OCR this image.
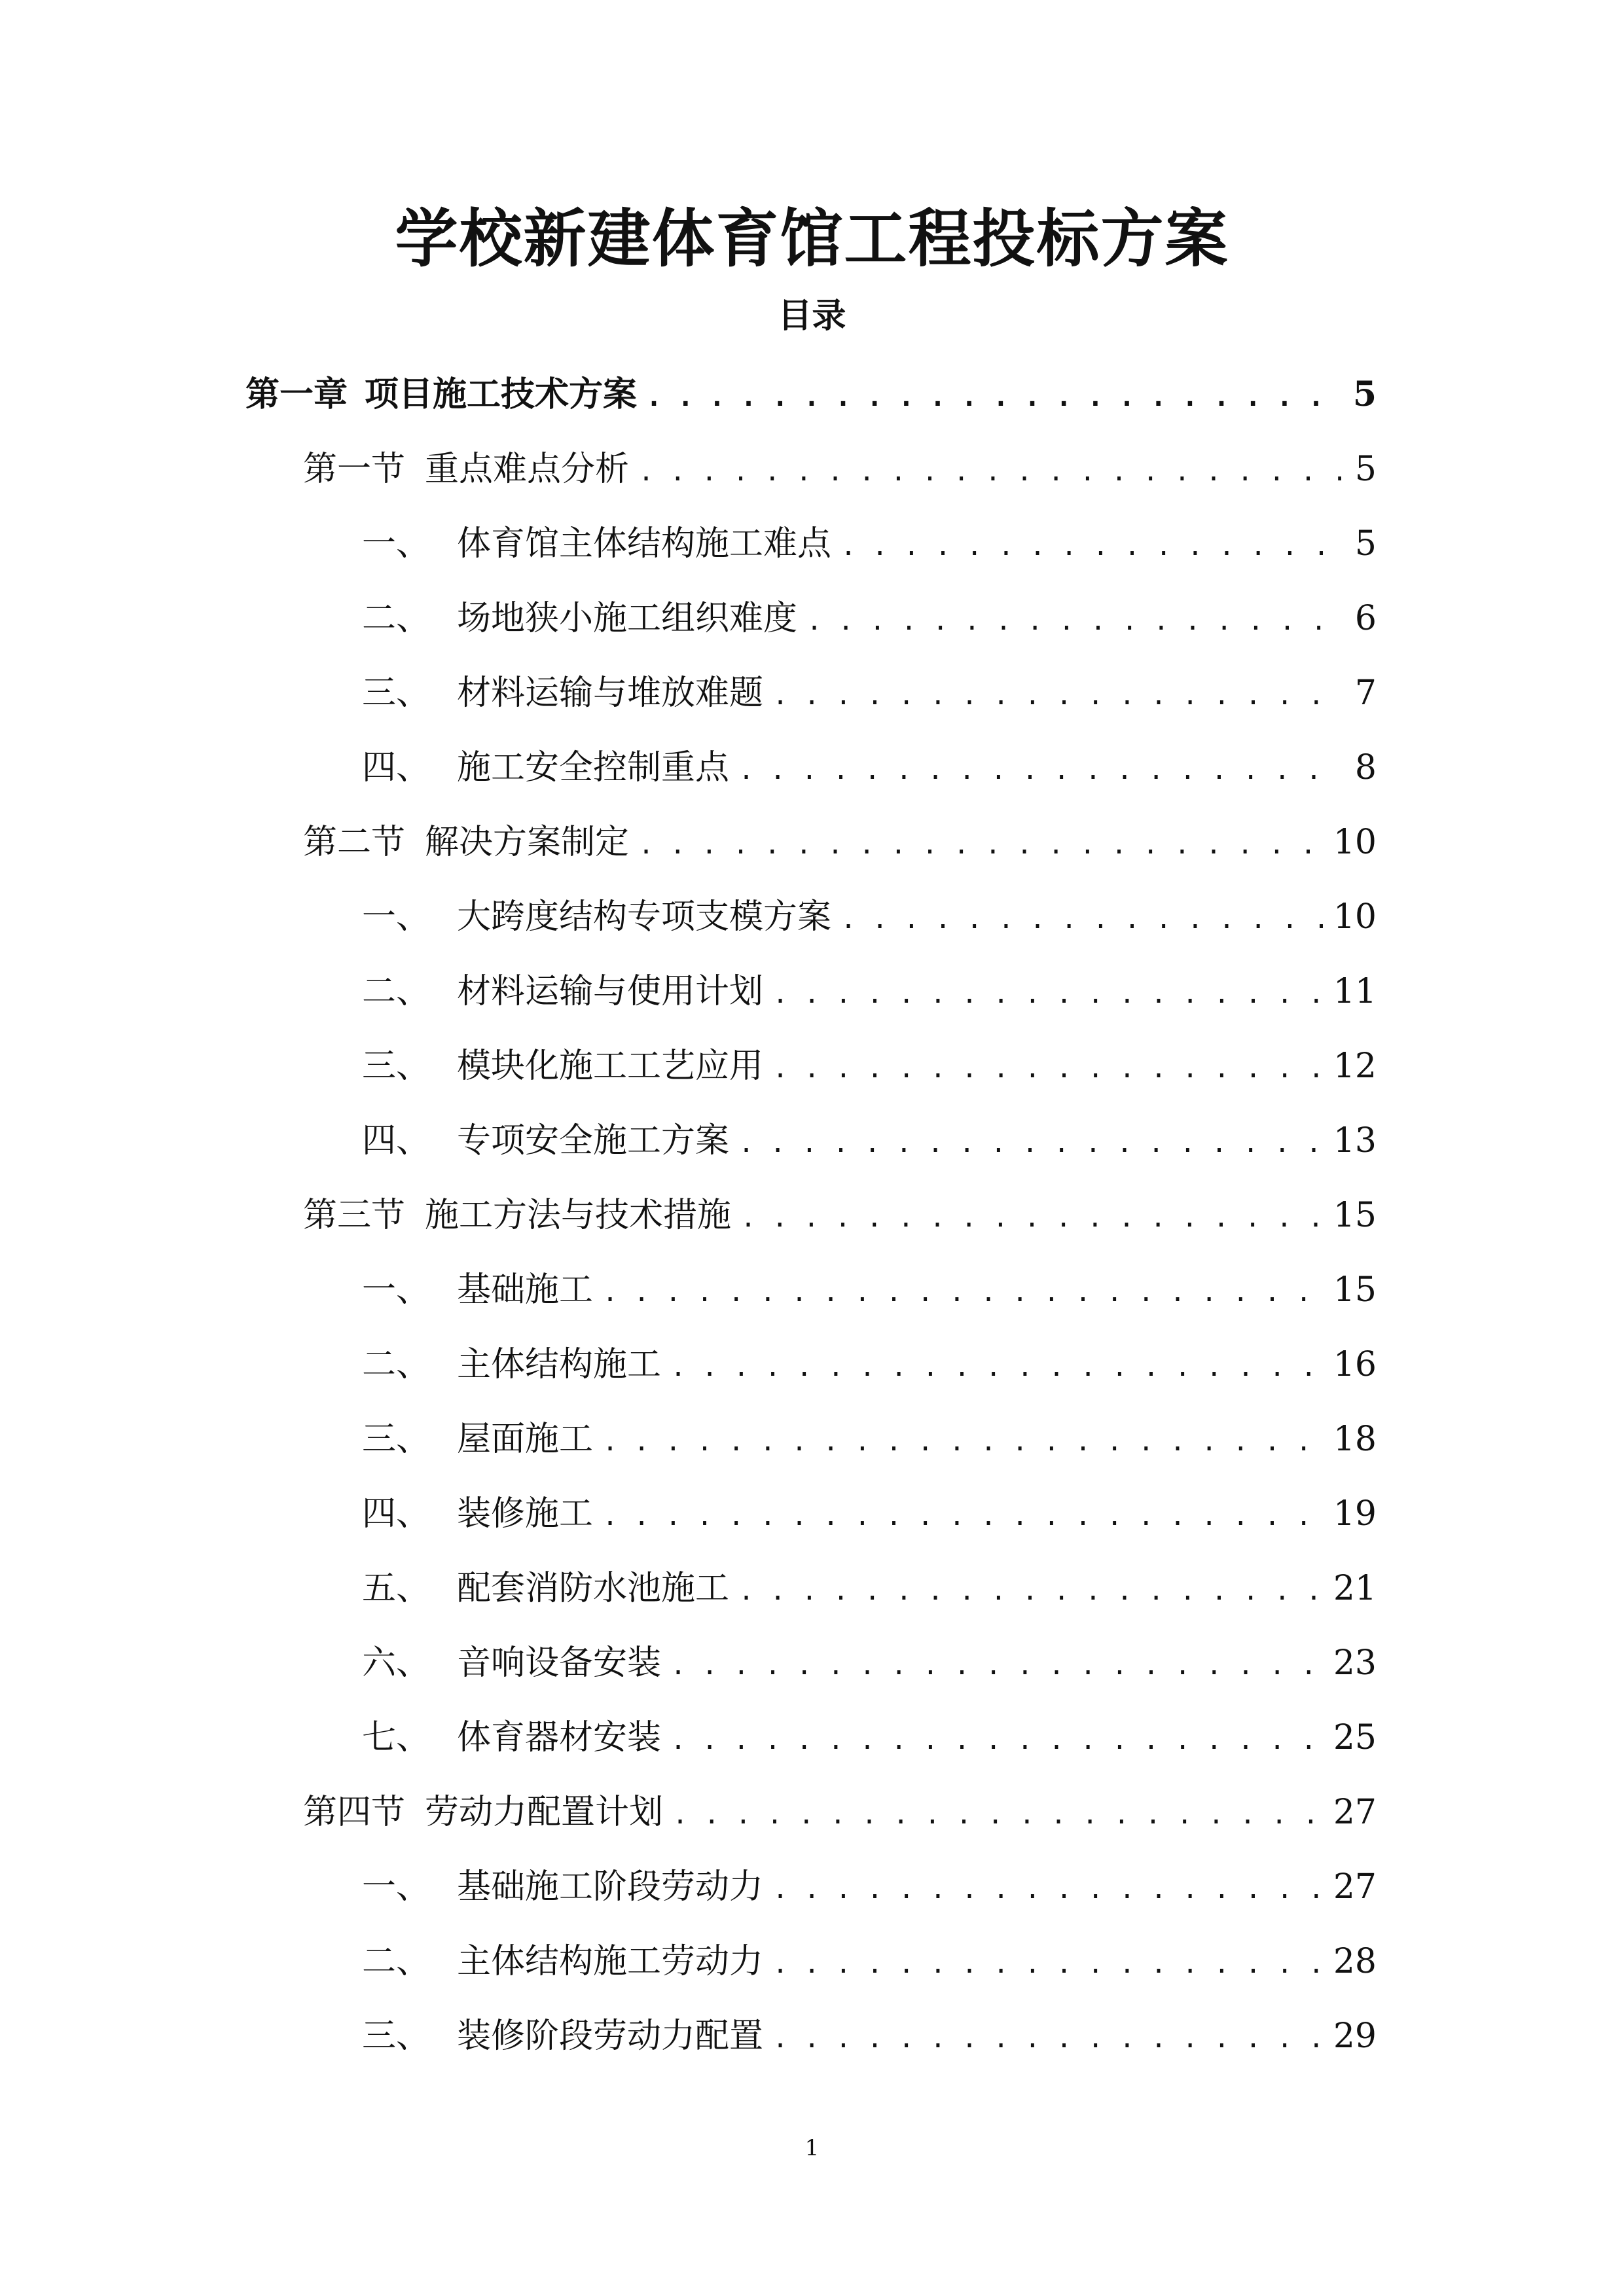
学校新建体育馆工程投标方案
目录
第一章 项目施工技术方案 . . .	5
第一节 重点难点分析 . . .	5
一、 体育馆主体结构施工难点 . . .	5
二、 场地狭小施工组织难度 . . .	6
三、 材料运输与堆放难题 . . .	7
四、 施工安全控制重点 . . .	8
第二节 解决方案制定 . . .	10
一、 大跨度结构专项支模方案 . . .	10
二、 材料运输与使用计划 . . .	11
三、 模块化施工工艺应用 . . .	12
四、 专项安全施工方案 . . .	13
第三节 施工方法与技术措施 . . .	15
一、 基础施工 . . .	15
二、 主体结构施工 . . .	16
三、 屋面施工 . . .	18
四、 装修施工 . . .	19
五、 配套消防水池施工 . . .	21
六、 音响设备安装 . . .	23
七、 体育器材安装 . . .	25
第四节 劳动力配置计划 . . .	27
一、 基础施工阶段劳动力 . . .	27
二、 主体结构施工劳动力 . . .	28
三、 装修阶段劳动力配置 . . .	29
1
